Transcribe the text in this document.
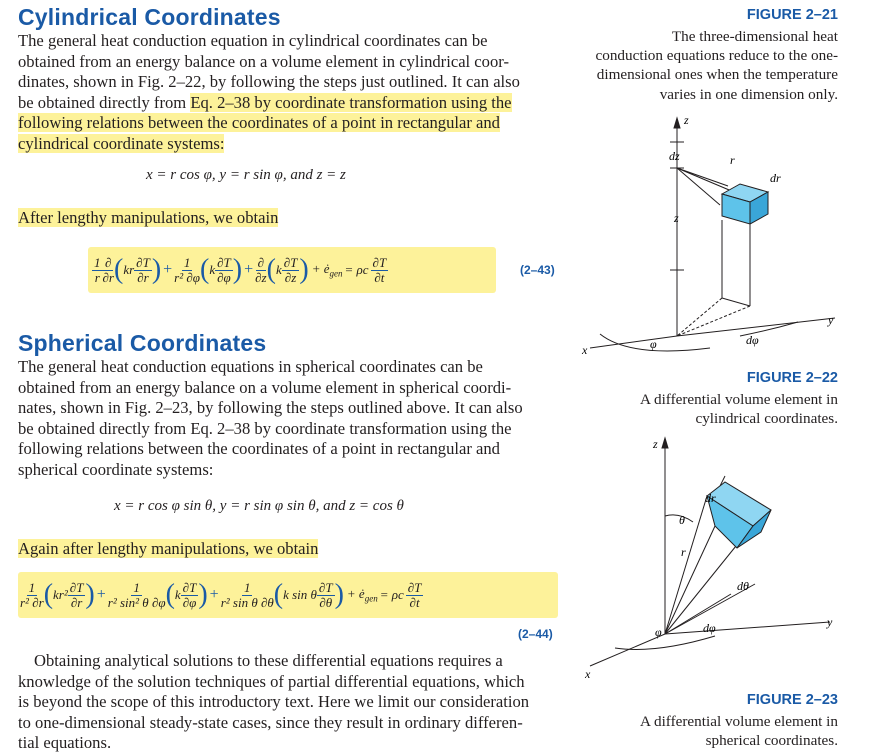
Cylindrical Coordinates
The general heat conduction equation in cylindrical coordinates can be
obtained from an energy balance on a volume element in cylindrical coor-
dinates, shown in Fig. 2–22, by following the steps just outlined. It can also
be obtained directly from Eq. 2–38 by coordinate transformation using the
following relations between the coordinates of a point in rectangular and
cylindrical coordinate systems:
x = r cos φ, y = r sin φ, and z = z
After lengthy manipulations, we obtain
$\frac{1}{r} \frac{\partial}{\partial r}$ ( kr $\frac{\partial T}{\partial r}$ ) + $\frac{1}{\text{r² ∂φ}}$ ( k $\frac{\partial T}{\partial\varphi}$ ) + $\frac{\partial}{\partial z}$ ( k $\frac{\partial T}{\partial z}$ ) + $ė_{gen} = \rho c \frac{\partial T}{\partial t}$	(2–43)
Spherical Coordinates
The general heat conduction equations in spherical coordinates can be
obtained from an energy balance on a volume element in spherical coordi-
nates, shown in Fig. 2–23, by following the steps outlined above. It can also
be obtained directly from Eq. 2–38 by coordinate transformation using the
following relations between the coordinates of a point in rectangular and
spherical coordinate systems:
x = r cos φ sin θ, y = r sin φ sin θ, and z = cos θ
Again after lengthy manipulations, we obtain
$\frac{1}{\text{r² ∂r}}$ ( $kr^2 \frac{\partial T}{\partial r}$ ) + $\frac{1}{\text{r² sin² θ ∂φ}}$ ( k $\frac{\partial T}{\partial\varphi}$ ) + $\frac{1}{\text{r² sin θ ∂θ}}$ ( k sin θ $\frac{\partial T}{\partial\theta}$ ) + $ė_{gen} = \rho c \frac{\partial T}{\partial t}$
(2–44)
Obtaining analytical solutions to these differential equations requires a
knowledge of the solution techniques of partial differential equations, which
is beyond the scope of this introductory text. Here we limit our consideration
to one-dimensional steady-state cases, since they result in ordinary differen-
tial equations.
FIGURE 2–21
The three-dimensional heat
conduction equations reduce to the one-
dimensional ones when the temperature
varies in one dimension only.
z
dz	r
dr
z
y
x	φ	dφ
FIGURE 2–22
A differential volume element in
cylindrical coordinates.
z
dr
θ
r
dθ
dφ
φ
x
y
FIGURE 2–23
A differential volume element in
spherical coordinates.
